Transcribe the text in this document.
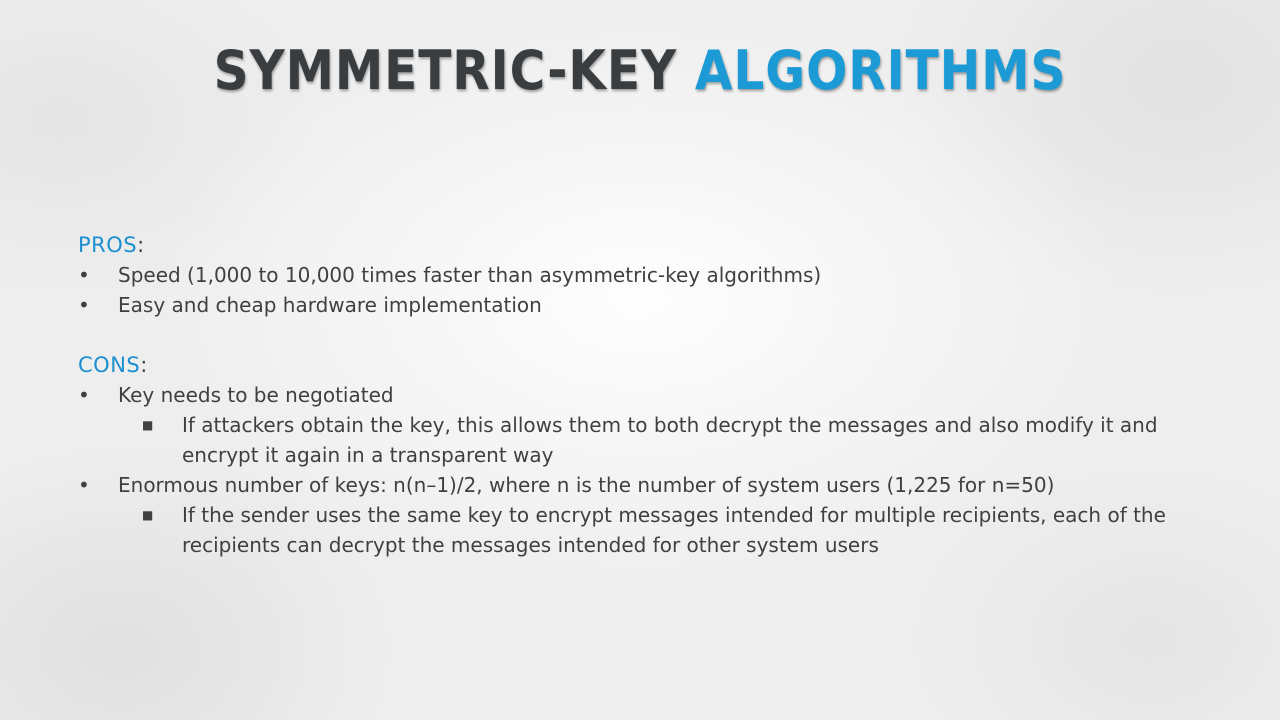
SYMMETRIC-KEY ALGORITHMS
PROS:
• Speed (1,000 to 10,000 times faster than asymmetric-key algorithms)
• Easy and cheap hardware implementation
CONS:
• Key needs to be negotiated
■ If attackers obtain the key, this allows them to both decrypt the messages and also modify it and encrypt it again in a transparent way
• Enormous number of keys: n(n–1)/2, where n is the number of system users (1,225 for n=50)
■ If the sender uses the same key to encrypt messages intended for multiple recipients, each of the recipients can decrypt the messages intended for other system users
